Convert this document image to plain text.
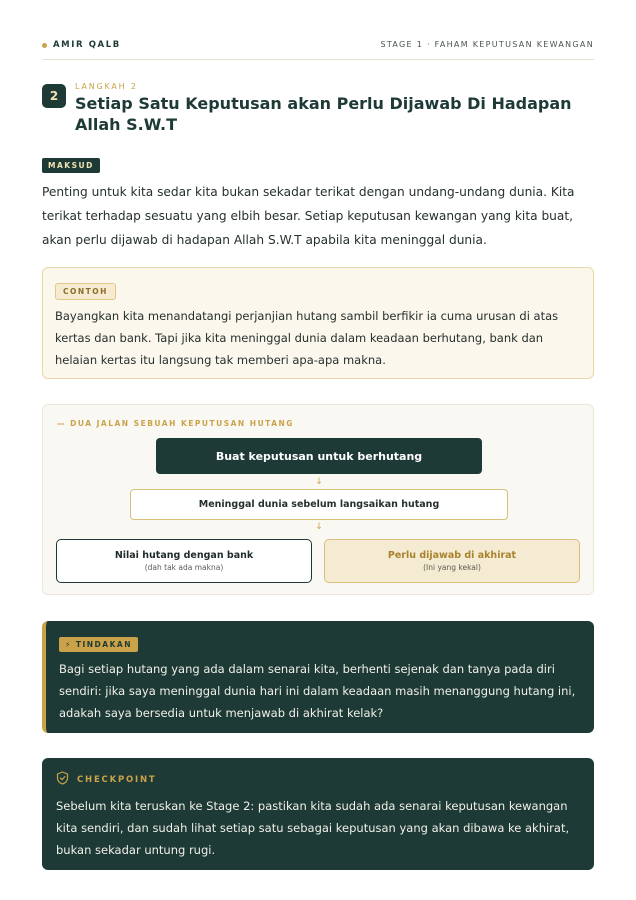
AMIR QALB	STAGE 1 · FAHAM KEPUTUSAN KEWANGAN
2
LANGKAH 2
Setiap Satu Keputusan akan Perlu Dijawab Di Hadapan Allah S.W.T
MAKSUD

Penting untuk kita sedar kita bukan sekadar terikat dengan undang-undang dunia. Kita terikat terhadap sesuatu yang elbih besar. Setiap keputusan kewangan yang kita buat, akan perlu dijawab di hadapan Allah S.W.T apabila kita meninggal dunia.

CONTOH

Bayangkan kita menandatangi perjanjian hutang sambil berfikir ia cuma urusan di atas kertas dan bank. Tapi jika kita meninggal dunia dalam keadaan berhutang, bank dan helaian kertas itu langsung tak memberi apa-apa makna.

— DUA JALAN SEBUAH KEPUTUSAN HUTANG
Buat keputusan untuk berhutang
↓
Meninggal dunia sebelum langsaikan hutang
↓
Nilai hutang dengan bank
(dah tak ada makna)
Perlu dijawab di akhirat
(Ini yang kekal)
⚡ TINDAKAN

Bagi setiap hutang yang ada dalam senarai kita, berhenti sejenak dan tanya pada diri sendiri: jika saya meninggal dunia hari ini dalam keadaan masih menanggung hutang ini, adakah saya bersedia untuk menjawab di akhirat kelak?

CHECKPOINT

Sebelum kita teruskan ke Stage 2: pastikan kita sudah ada senarai keputusan kewangan kita sendiri, dan sudah lihat setiap satu sebagai keputusan yang akan dibawa ke akhirat, bukan sekadar untung rugi.
